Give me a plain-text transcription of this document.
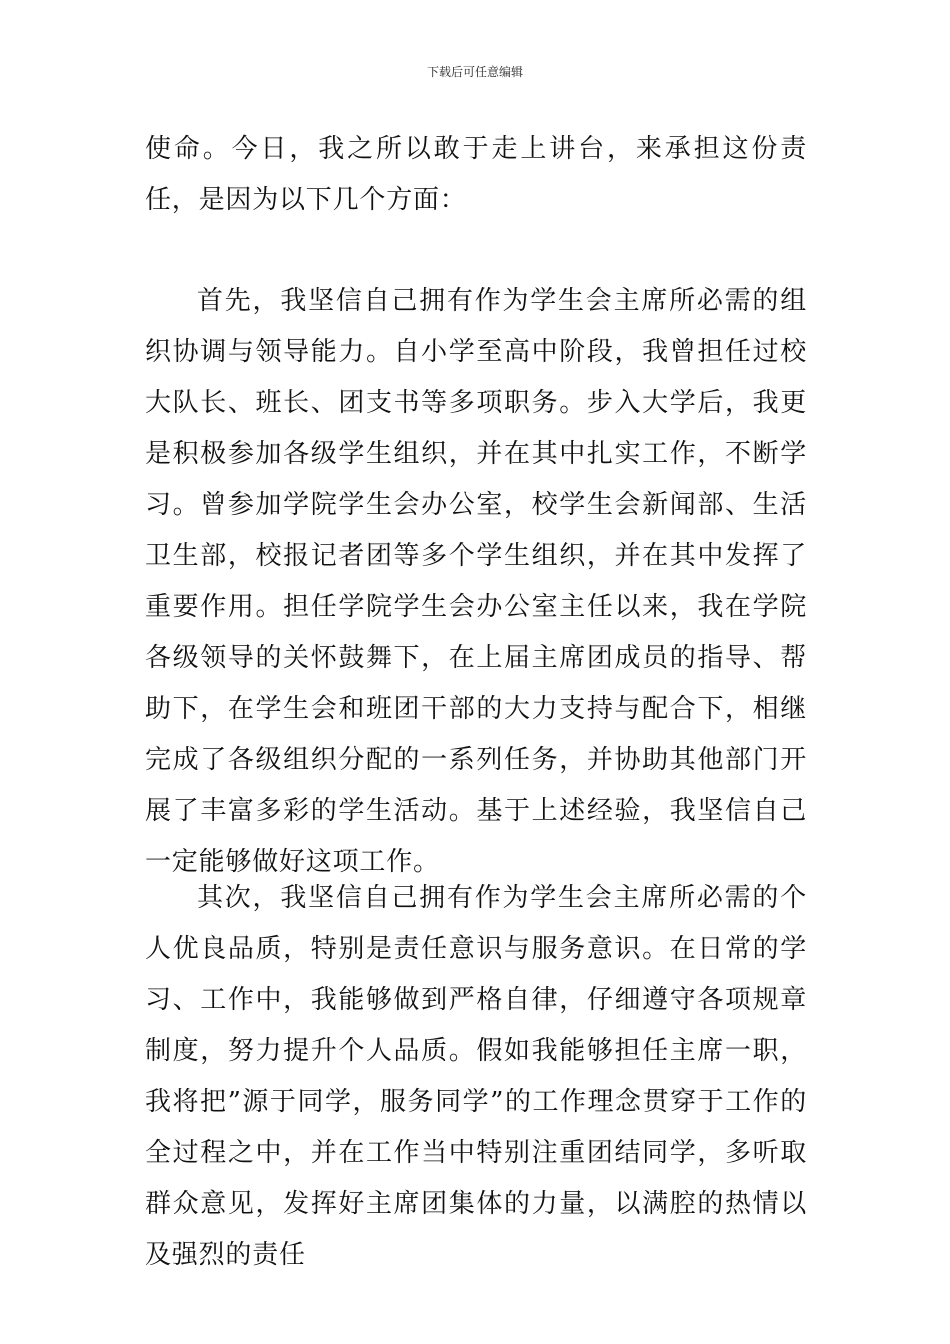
下载后可任意编辑

使命。今日，我之所以敢于走上讲台，来承担这份责任，是因为以下几个方面：

首先，我坚信自己拥有作为学生会主席所必需的组织协调与领导能力。自小学至高中阶段，我曾担任过校大队长、班长、团支书等多项职务。步入大学后，我更是积极参加各级学生组织，并在其中扎实工作，不断学习。曾参加学院学生会办公室，校学生会新闻部、生活卫生部，校报记者团等多个学生组织，并在其中发挥了重要作用。担任学院学生会办公室主任以来，我在学院各级领导的关怀鼓舞下，在上届主席团成员的指导、帮助下，在学生会和班团干部的大力支持与配合下，相继完成了各级组织分配的一系列任务，并协助其他部门开展了丰富多彩的学生活动。基于上述经验，我坚信自己一定能够做好这项工作。

其次，我坚信自己拥有作为学生会主席所必需的个人优良品质，特别是责任意识与服务意识。在日常的学习、工作中，我能够做到严格自律，仔细遵守各项规章制度，努力提升个人品质。假如我能够担任主席一职，我将把”源于同学，服务同学”的工作理念贯穿于工作的全过程之中，并在工作当中特别注重团结同学，多听取群众意见，发挥好主席团集体的力量，以满腔的热情以及强烈的责任
